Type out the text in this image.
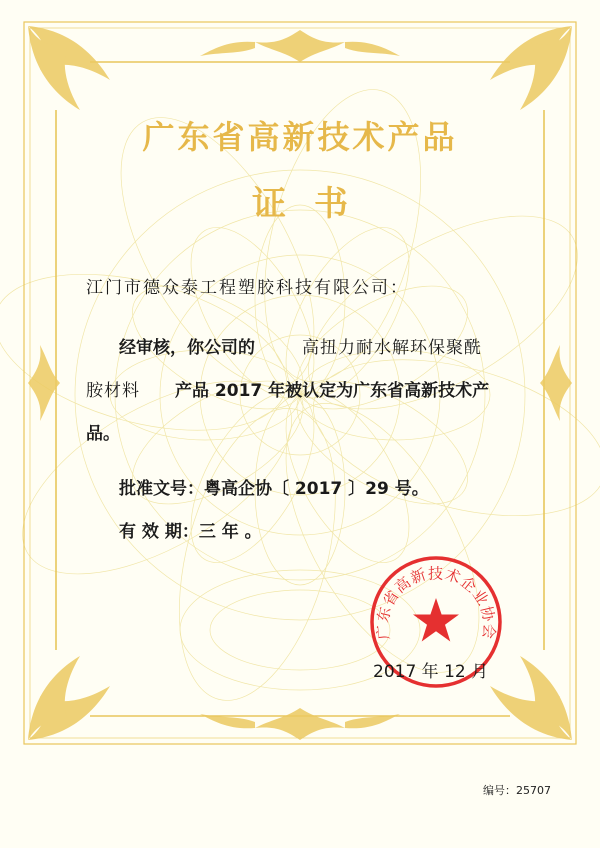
广东省高新技术产品
证书
江门市德众泰工程塑胶科技有限公司：
经审核，你公司的	高扭力耐水解环保聚酰
胺材料 产品 2017 年被认定为广东省高新技术产
品。
批准文号：粤高企协〔 2017 〕29 号。
有 效 期：三 年 。
广东省高新技术企业协会
2017 年 12 月
编号：25707
